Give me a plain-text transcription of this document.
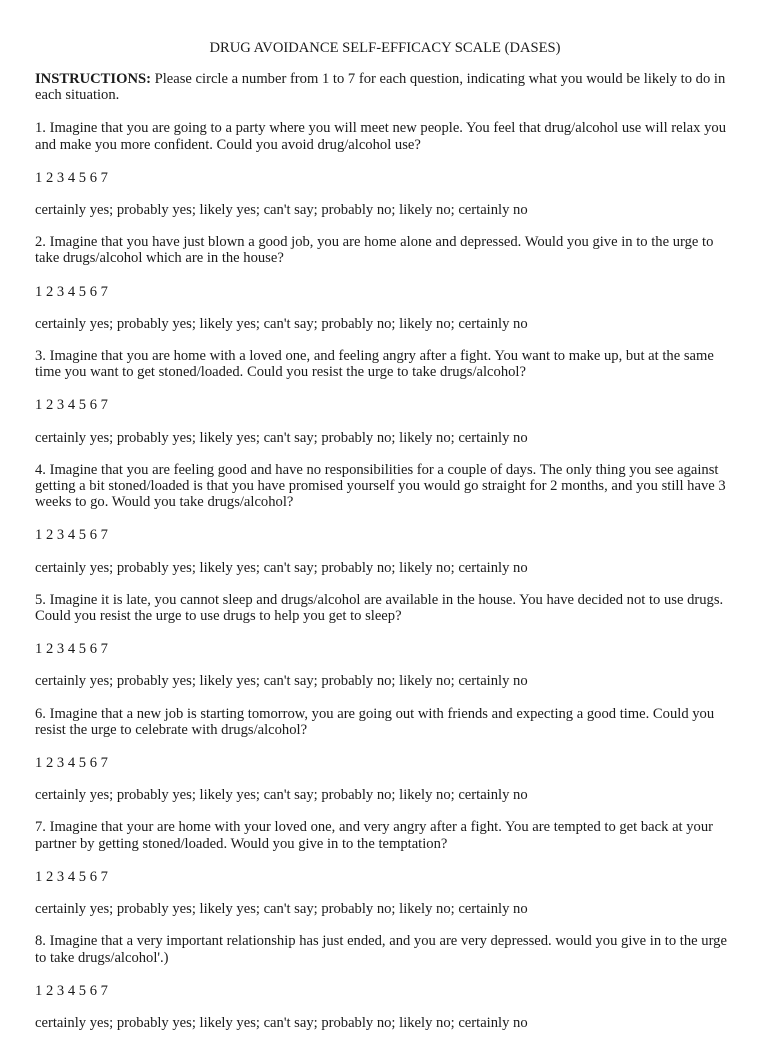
DRUG AVOIDANCE SELF-EFFICACY SCALE (DASES)

INSTRUCTIONS: Please circle a number from 1 to 7 for each question, indicating what you would be likely to do in each situation.

1. Imagine that you are going to a party where you will meet new people. You feel that drug/alcohol use will relax you and make you more confident. Could you avoid drug/alcohol use?

1 2 3 4 5 6 7

certainly yes; probably yes; likely yes; can't say; probably no; likely no; certainly no

2. Imagine that you have just blown a good job, you are home alone and depressed. Would you give in to the urge to take drugs/alcohol which are in the house?

1 2 3 4 5 6 7

certainly yes; probably yes; likely yes; can't say; probably no; likely no; certainly no

3. Imagine that you are home with a loved one, and feeling angry after a fight. You want to make up, but at the same time you want to get stoned/loaded. Could you resist the urge to take drugs/alcohol?

1 2 3 4 5 6 7

certainly yes; probably yes; likely yes; can't say; probably no; likely no; certainly no

4. Imagine that you are feeling good and have no responsibilities for a couple of days. The only thing you see against getting a bit stoned/loaded is that you have promised yourself you would go straight for 2 months, and you still have 3 weeks to go. Would you take drugs/alcohol?

1 2 3 4 5 6 7

certainly yes; probably yes; likely yes; can't say; probably no; likely no; certainly no

5. Imagine it is late, you cannot sleep and drugs/alcohol are available in the house. You have decided not to use drugs. Could you resist the urge to use drugs to help you get to sleep?

1 2 3 4 5 6 7

certainly yes; probably yes; likely yes; can't say; probably no; likely no; certainly no

6. Imagine that a new job is starting tomorrow, you are going out with friends and expecting a good time. Could you resist the urge to celebrate with drugs/alcohol?

1 2 3 4 5 6 7

certainly yes; probably yes; likely yes; can't say; probably no; likely no; certainly no

7. Imagine that your are home with your loved one, and very angry after a fight. You are tempted to get back at your partner by getting stoned/loaded. Would you give in to the temptation?

1 2 3 4 5 6 7

certainly yes; probably yes; likely yes; can't say; probably no; likely no; certainly no

8. Imagine that a very important relationship has just ended, and you are very depressed. would you give in to the urge to take drugs/alcohol'.)

1 2 3 4 5 6 7

certainly yes; probably yes; likely yes; can't say; probably no; likely no; certainly no
